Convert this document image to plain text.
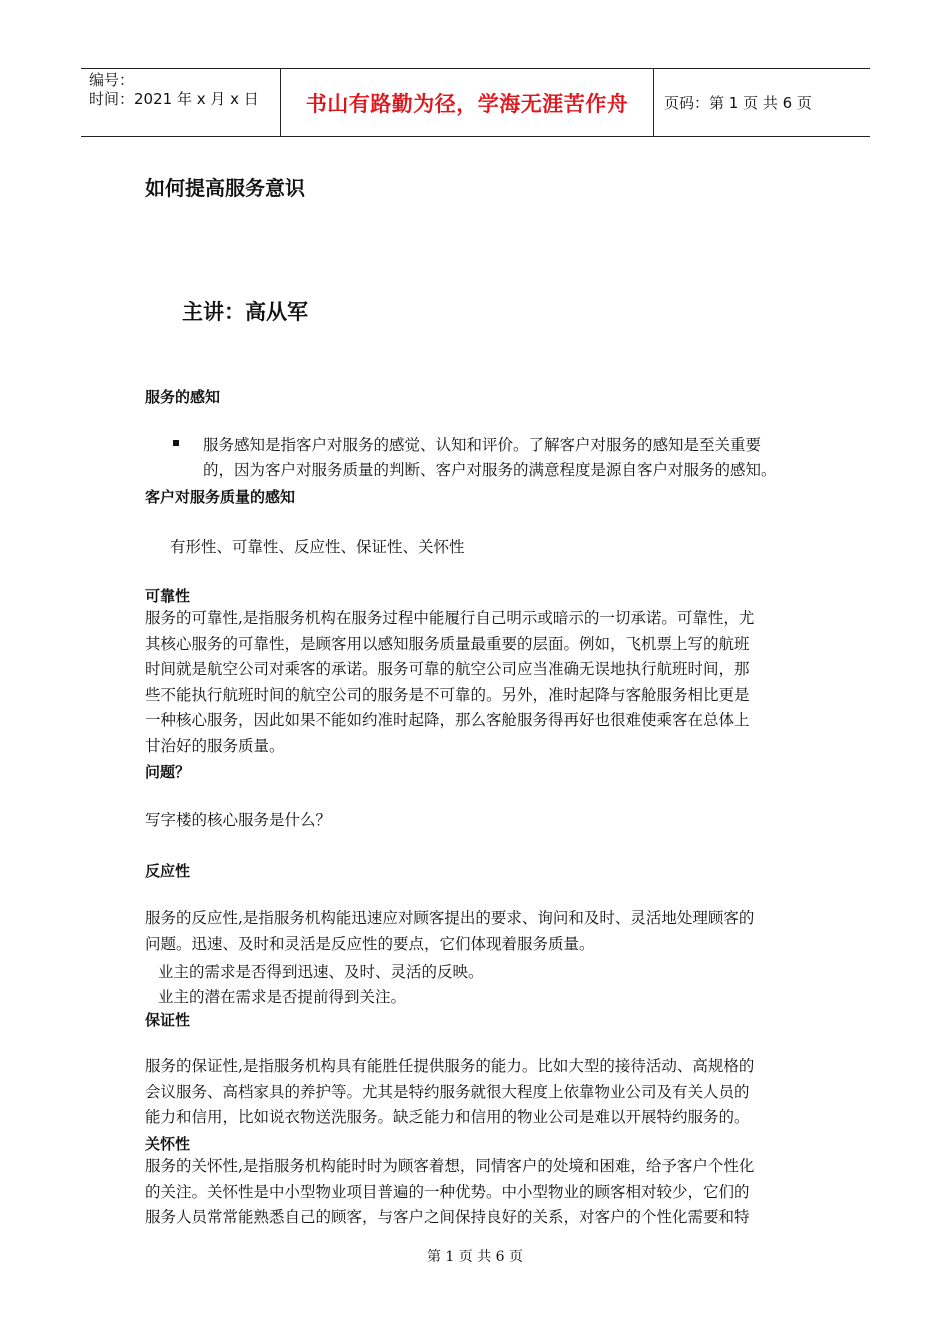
编号：
时间：2021 年 x 月 x 日	书山有路勤为径，学海无涯苦作舟	页码：第 1 页 共 6 页
如何提高服务意识
主讲：高从军
服务的感知
服务感知是指客户对服务的感觉、认知和评价。了解客户对服务的感知是至关重要
的，因为客户对服务质量的判断、客户对服务的满意程度是源自客户对服务的感知。
客户对服务质量的感知
有形性、可靠性、反应性、保证性、关怀性
可靠性
服务的可靠性,是指服务机构在服务过程中能履行自己明示或暗示的一切承诺。可靠性，尤
其核心服务的可靠性，是顾客用以感知服务质量最重要的层面。例如，飞机票上写的航班
时间就是航空公司对乘客的承诺。服务可靠的航空公司应当准确无误地执行航班时间，那
些不能执行航班时间的航空公司的服务是不可靠的。另外，准时起降与客舱服务相比更是
一种核心服务，因此如果不能如约准时起降，那么客舱服务得再好也很难使乘客在总体上
甘治好的服务质量。
问题？
写字楼的核心服务是什么？
反应性
服务的反应性,是指服务机构能迅速应对顾客提出的要求、询问和及时、灵活地处理顾客的
问题。迅速、及时和灵活是反应性的要点，它们体现着服务质量。
业主的需求是否得到迅速、及时、灵活的反映。
业主的潜在需求是否提前得到关注。
保证性
服务的保证性,是指服务机构具有能胜任提供服务的能力。比如大型的接待活动、高规格的
会议服务、高档家具的养护等。尤其是特约服务就很大程度上依靠物业公司及有关人员的
能力和信用，比如说衣物送洗服务。缺乏能力和信用的物业公司是难以开展特约服务的。
关怀性
服务的关怀性,是指服务机构能时时为顾客着想，同情客户的处境和困难，给予客户个性化
的关注。关怀性是中小型物业项目普遍的一种优势。中小型物业的顾客相对较少，它们的
服务人员常常能熟悉自己的顾客，与客户之间保持良好的关系，对客户的个性化需要和特
第 1 页 共 6 页
